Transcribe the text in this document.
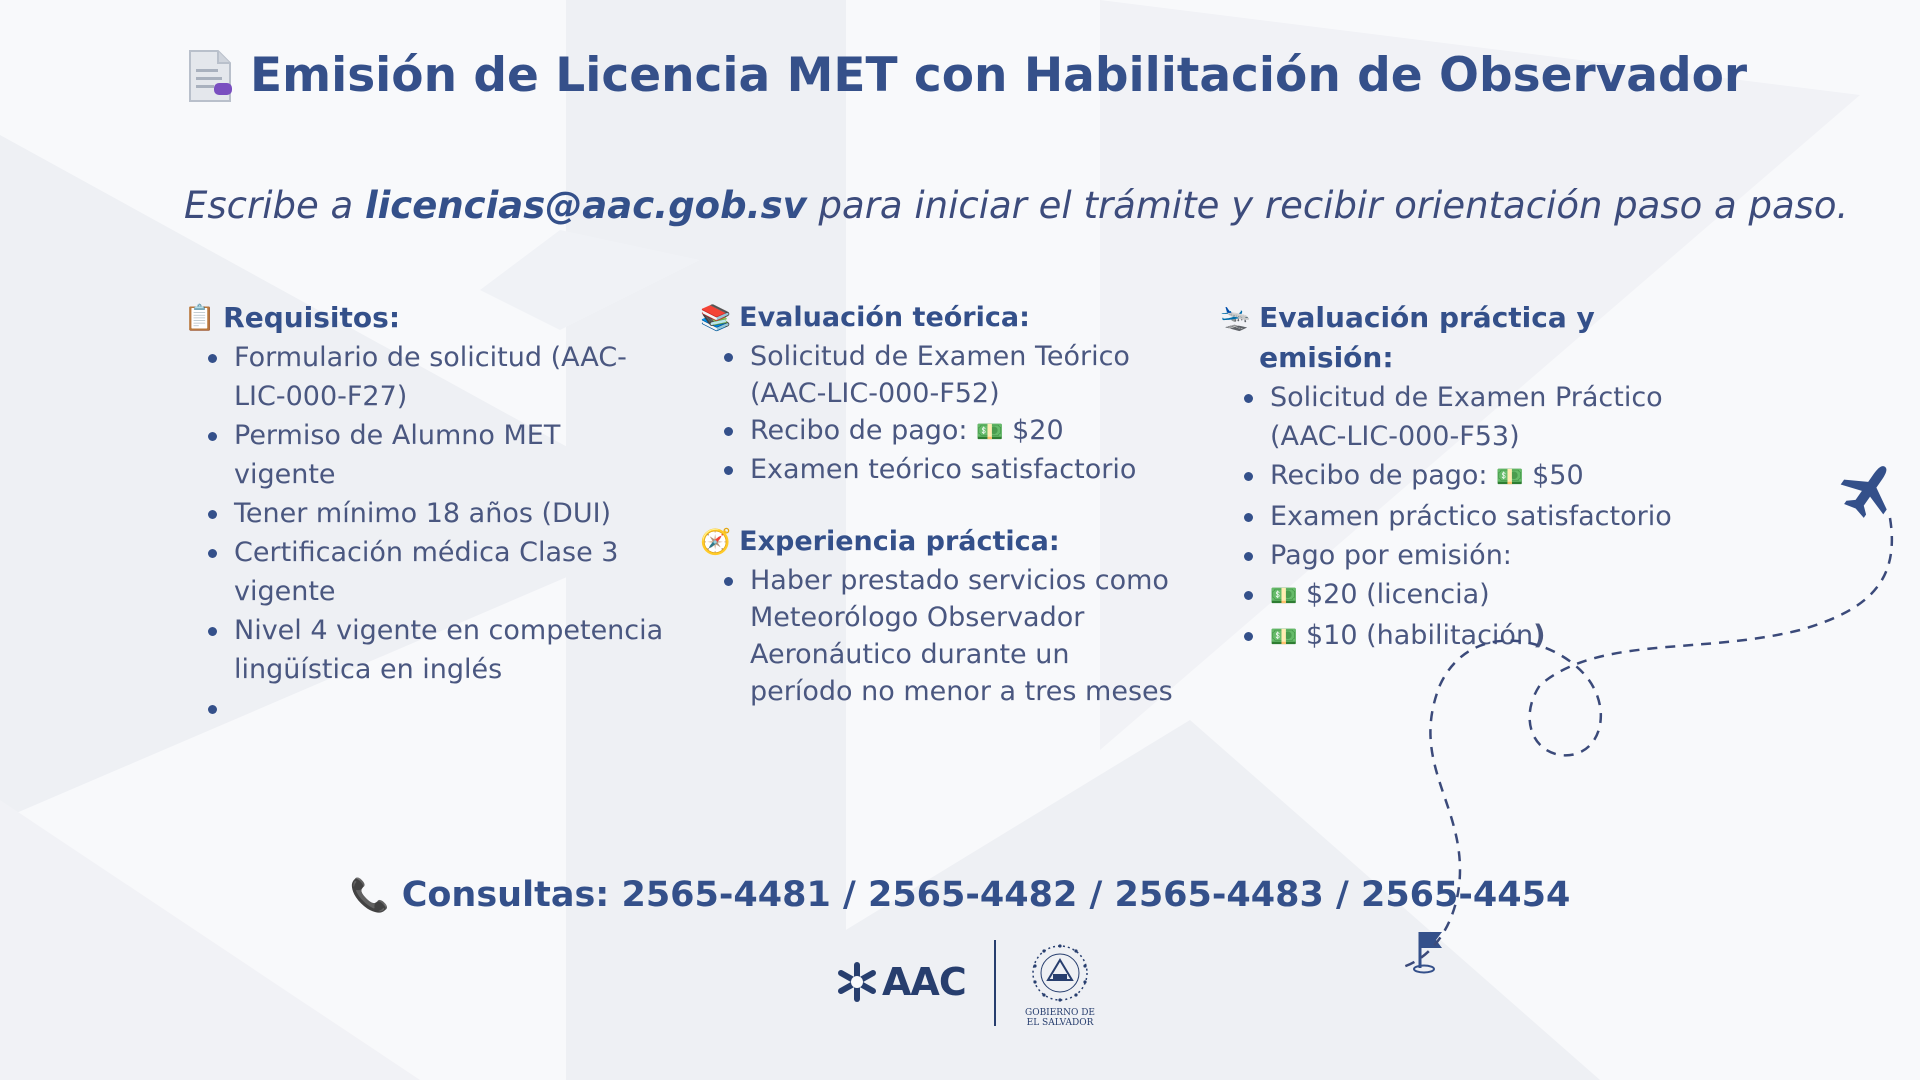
Emisión de Licencia MET con Habilitación de Observador

Escribe a licencias@aac.gob.sv para iniciar el trámite y recibir orientación paso a paso.

📋 Requisitos:
Formulario de solicitud (AAC-LIC-000-F27)
Permiso de Alumno MET vigente
Tener mínimo 18 años (DUI)
Certificación médica Clase 3 vigente
Nivel 4 vigente en competencia lingüística en inglés
📚 Evaluación teórica:
Solicitud de Examen Teórico (AAC-LIC-000-F52)
Recibo de pago: 💵 $20
Examen teórico satisfactorio
🧭 Experiencia práctica:
Haber prestado servicios como Meteorólogo Observador Aeronáutico durante un período no menor a tres meses
🛬 Evaluación práctica y emisión:
Solicitud de Examen Práctico (AAC-LIC-000-F53)
Recibo de pago: 💵 $50
Examen práctico satisfactorio
Pago por emisión:
💵 $20 (licencia)
💵 $10 (habilitación)
📞 Consultas: 2565-4481 / 2565-4482 / 2565-4483 / 2565-4454
AAC
GOBIERNO DE
EL SALVADOR
